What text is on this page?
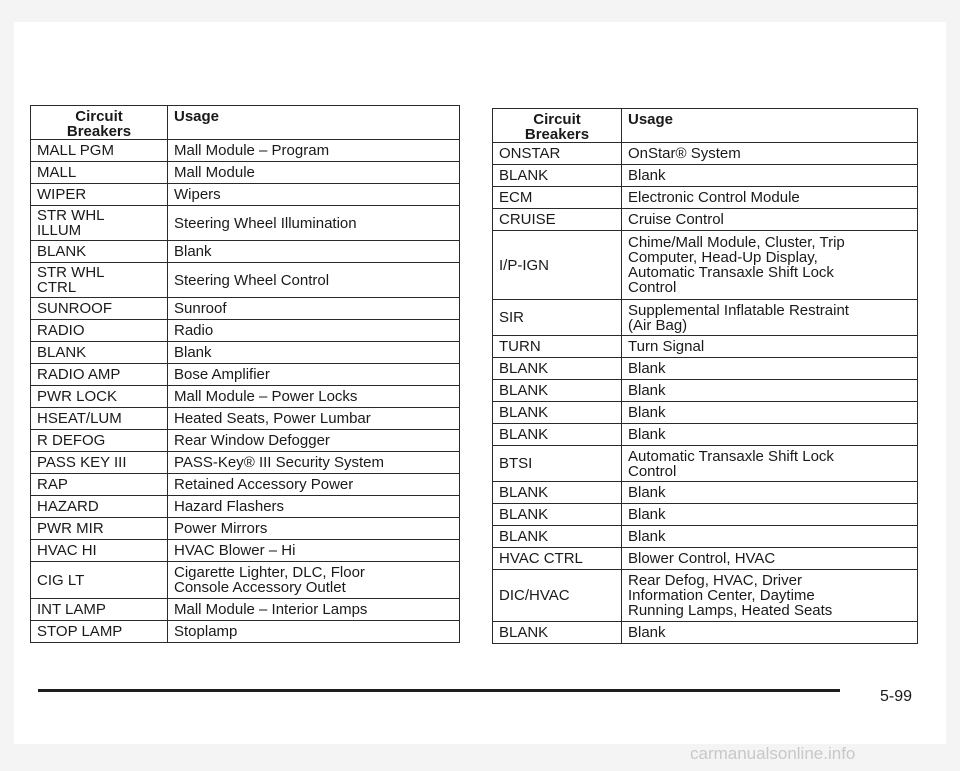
Circuit
Breakers	Usage
MALL PGM	Mall Module – Program
MALL	Mall Module
WIPER	Wipers
STR WHL
ILLUM	Steering Wheel Illumination
BLANK	Blank
STR WHL
CTRL	Steering Wheel Control
SUNROOF	Sunroof
RADIO	Radio
BLANK	Blank
RADIO AMP	Bose Amplifier
PWR LOCK	Mall Module – Power Locks
HSEAT/LUM	Heated Seats, Power Lumbar
R DEFOG	Rear Window Defogger
PASS KEY III	PASS-Key® III Security System
RAP	Retained Accessory Power
HAZARD	Hazard Flashers
PWR MIR	Power Mirrors
HVAC HI	HVAC Blower – Hi
CIG LT	Cigarette Lighter, DLC, Floor
Console Accessory Outlet
INT LAMP	Mall Module – Interior Lamps
STOP LAMP	Stoplamp
Circuit
Breakers	Usage
ONSTAR	OnStar® System
BLANK	Blank
ECM	Electronic Control Module
CRUISE	Cruise Control
I/P-IGN	Chime/Mall Module, Cluster, Trip
Computer, Head-Up Display,
Automatic Transaxle Shift Lock
Control
SIR	Supplemental Inflatable Restraint
(Air Bag)
TURN	Turn Signal
BLANK	Blank
BLANK	Blank
BLANK	Blank
BLANK	Blank
BTSI	Automatic Transaxle Shift Lock
Control
BLANK	Blank
BLANK	Blank
BLANK	Blank
HVAC CTRL	Blower Control, HVAC
DIC/HVAC	Rear Defog, HVAC, Driver
Information Center, Daytime
Running Lamps, Heated Seats
BLANK	Blank
5-99
carmanualsonline.info
